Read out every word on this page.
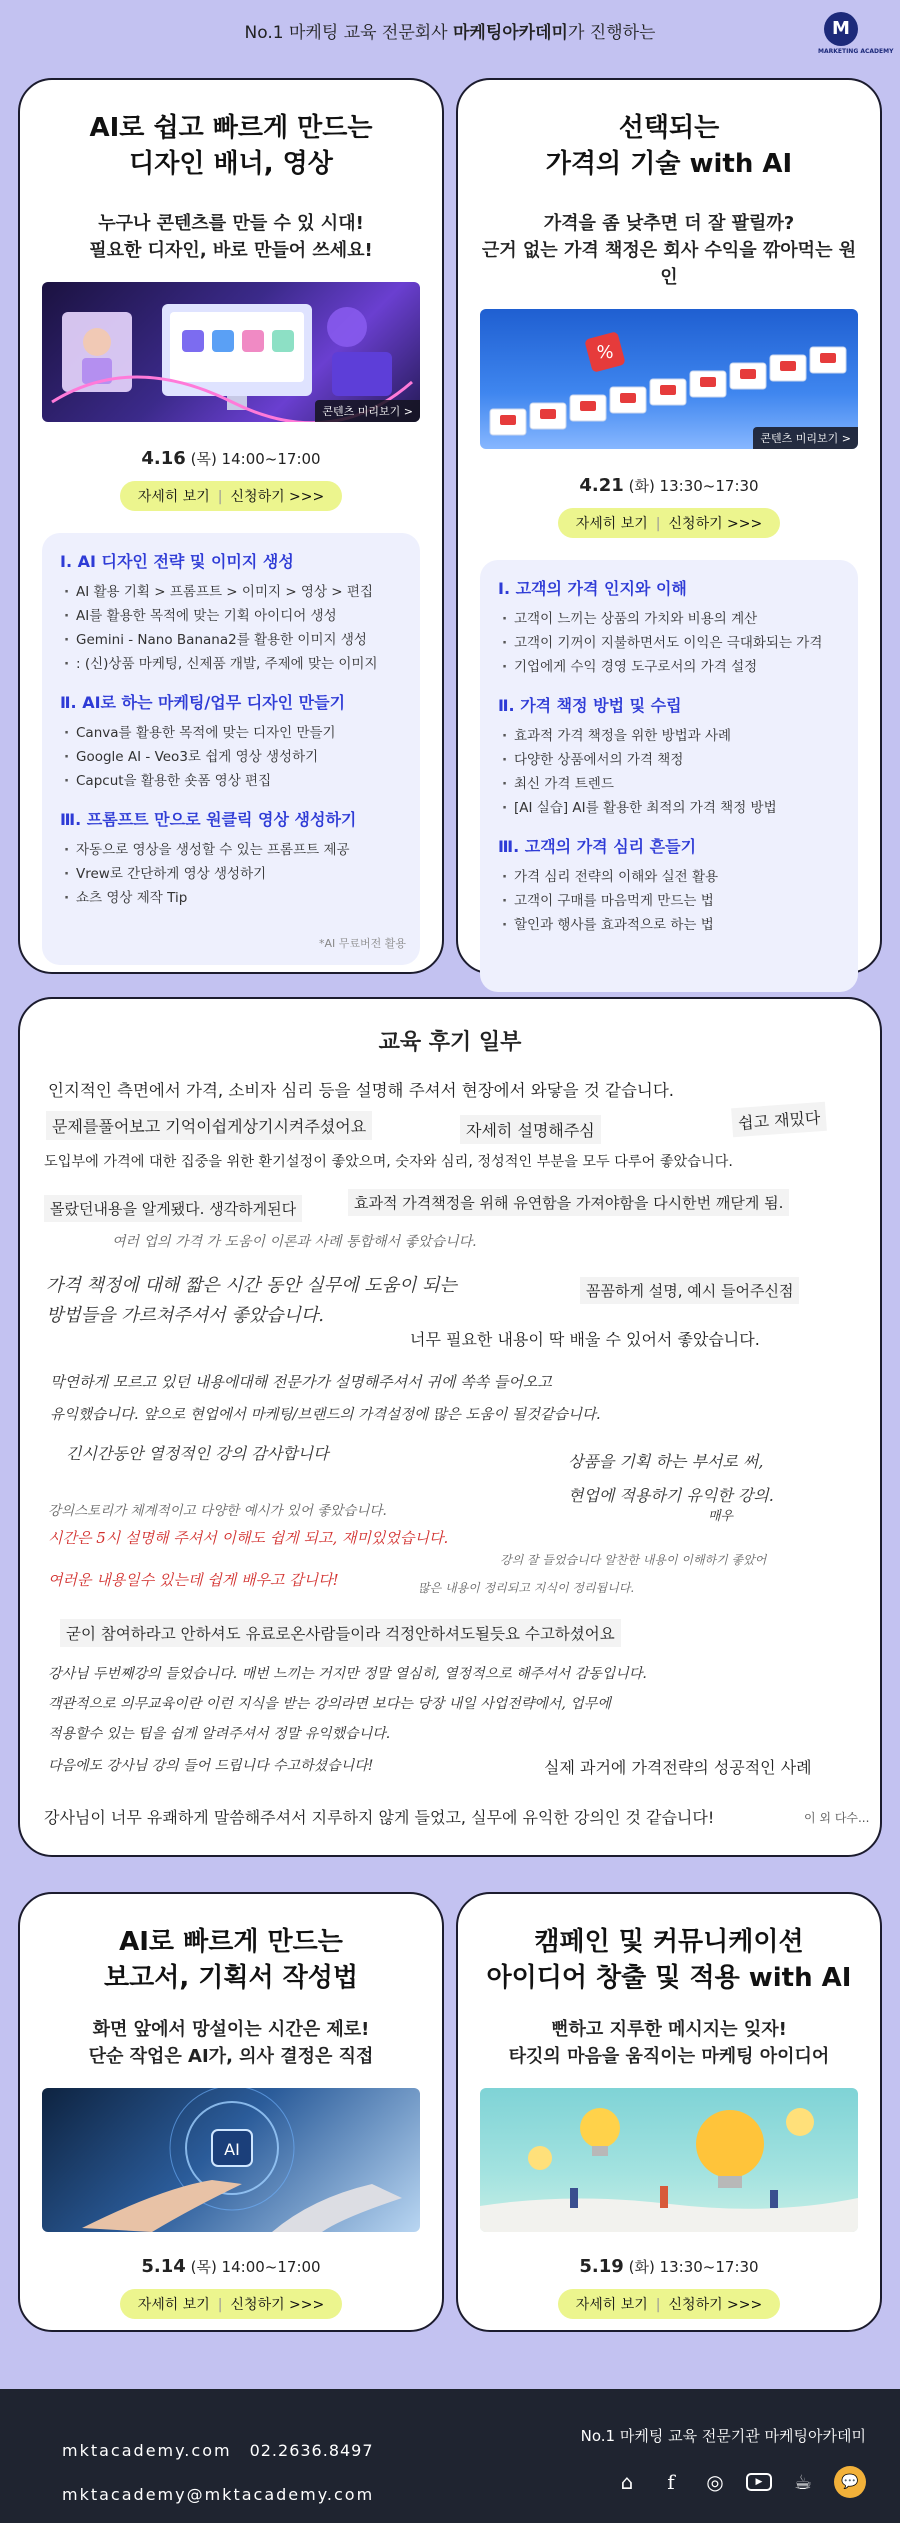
No.1 마케팅 교육 전문회사 마케팅아카데미가 진행하는	M
MARKETING ACADEMY
AI로 쉽고 빠르게 만드는
디자인 배너, 영상

누구나 콘텐츠를 만들 수 있 시대!
필요한 디자인, 바로 만들어 쓰세요!

콘텐츠 미리보기 >

4.16 (목) 14:00~17:00

자세히 보기 | 신청하기 >>>
Ⅰ. AI 디자인 전략 및 이미지 생성
· AI 활용 기획 > 프롬프트 > 이미지 > 영상 > 편집
· AI를 활용한 목적에 맞는 기획 아이디어 생성
· Gemini - Nano Banana2를 활용한 이미지 생성
· : (신)상품 마케팅, 신제품 개발, 주제에 맞는 이미지
Ⅱ. AI로 하는 마케팅/업무 디자인 만들기
· Canva를 활용한 목적에 맞는 디자인 만들기
· Google AI - Veo3로 쉽게 영상 생성하기
· Capcut을 활용한 숏폼 영상 편집
Ⅲ. 프롬프트 만으로 원클릭 영상 생성하기
· 자동으로 영상을 생성할 수 있는 프롬프트 제공
· Vrew로 간단하게 영상 생성하기
· 쇼츠 영상 제작 Tip
*AI 무료버전 활용
선택되는
가격의 기술 with AI

가격을 좀 낮추면 더 잘 팔릴까?
근거 없는 가격 책정은 회사 수익을 깎아먹는 원인

%
콘텐츠 미리보기 >

4.21 (화) 13:30~17:30

자세히 보기 | 신청하기 >>>
Ⅰ. 고객의 가격 인지와 이해
· 고객이 느끼는 상품의 가치와 비용의 계산
· 고객이 기꺼이 지불하면서도 이익은 극대화되는 가격
· 기업에게 수익 경영 도구로서의 가격 설정
Ⅱ. 가격 책정 방법 및 수립
· 효과적 가격 책정을 위한 방법과 사례
· 다양한 상품에서의 가격 책정
· 최신 가격 트렌드
· [AI 실습] AI를 활용한 최적의 가격 책정 방법
Ⅲ. 고객의 가격 심리 흔들기
· 가격 심리 전략의 이해와 실전 활용
· 고객이 구매를 마음먹게 만드는 법
· 할인과 행사를 효과적으로 하는 법
교육 후기 일부
인지적인 측면에서 가격, 소비자 심리 등을 설명해 주셔서 현장에서 와닿을 것 같습니다.
문제를풀어보고 기억이쉽게상기시켜주셨어요	자세히 설명해주심	쉽고 재밌다
도입부에 가격에 대한 집중을 위한 환기설정이 좋았으며, 숫자와 심리, 정성적인 부분을 모두 다루어 좋았습니다.
몰랐던내용을 알게됐다. 생각하게된다	효과적 가격책정을 위해 유연함을 가져야함을 다시한번 깨닫게 됨.
여러 업의 가격 가 도움이 이론과 사례 통합해서 좋았습니다.
가격 책정에 대해 짧은 시간 동안 실무에 도움이 되는
방법들을 가르쳐주셔서 좋았습니다.
꼼꼼하게 설명, 예시 들어주신점
너무 필요한 내용이 딱 배울 수 있어서 좋았습니다.
막연하게 모르고 있던 내용에대해 전문가가 설명해주셔서 귀에 쏙쏙 들어오고
유익했습니다. 앞으로 현업에서 마케팅/브랜드의 가격설정에 많은 도움이 될것같습니다.
긴시간동안 열정적인 강의 감사합니다	상품을 기획 하는 부서로 써,
현업에 적용하기 유익한 강의.
매우
강의스토리가 체계적이고 다양한 예시가 있어 좋았습니다.
시간은 5시 설명해 주셔서 이해도 쉽게 되고, 재미있었습니다.
강의 잘 들었습니다 알찬한 내용이 이해하기 좋았어
여러운 내용일수 있는데 쉽게 배우고 갑니다!	많은 내용이 정리되고 지식이 정리됩니다.
굳이 참여하라고 안하셔도 유료로온사람들이라 걱정안하셔도될듯요 수고하셨어요
강사님 두번째강의 들었습니다. 매번 느끼는 거지만 정말 열심히, 열정적으로 해주셔서 감동입니다.
객관적으로 의무교육이란 이런 지식을 받는 강의라면 보다는 당장 내일 사업전략에서, 업무에
적용할수 있는 팁을 쉽게 알려주셔서 정말 유익했습니다.
다음에도 강사님 강의 들어 드립니다 수고하셨습니다!	실제 과거에 가격전략의 성공적인 사례
강사님이 너무 유쾌하게 말씀해주셔서 지루하지 않게 들었고, 실무에 유익한 강의인 것 같습니다!	이 외 다수...
AI로 빠르게 만드는
보고서, 기획서 작성법

화면 앞에서 망설이는 시간은 제로!
단순 작업은 AI가, 의사 결정은 직접

AI

5.14 (목) 14:00~17:00

자세히 보기 | 신청하기 >>>
캠페인 및 커뮤니케이션
아이디어 창출 및 적용 with AI

뻔하고 지루한 메시지는 잊자!
타깃의 마음을 움직이는 마케팅 아이디어

5.19 (화) 13:30~17:30

자세히 보기 | 신청하기 >>>
mktacademy.com 02.2636.8497
mktacademy@mktacademy.com
No.1 마케팅 교육 전문기관 마케팅아카데미
⌂	f	◎	▶	☕	💬
